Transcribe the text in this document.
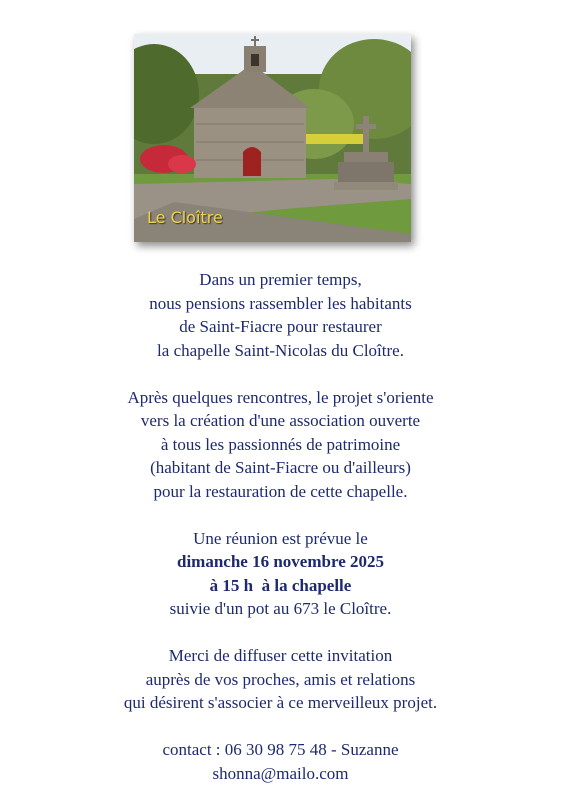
Le Cloître
Dans un premier temps,
nous pensions rassembler les habitants
de Saint-Fiacre pour restaurer
la chapelle Saint-Nicolas du Cloître.
Après quelques rencontres, le projet s'oriente
vers la création d'une association ouverte
à tous les passionnés de patrimoine
(habitant de Saint-Fiacre ou d'ailleurs)
pour la restauration de cette chapelle.
Une réunion est prévue le
dimanche 16 novembre 2025
à 15 h  à la chapelle
suivie d'un pot au 673 le Cloître.
Merci de diffuser cette invitation
auprès de vos proches, amis et relations
qui désirent s'associer à ce merveilleux projet.
contact : 06 30 98 75 48 - Suzanne
shonna@mailo.com
